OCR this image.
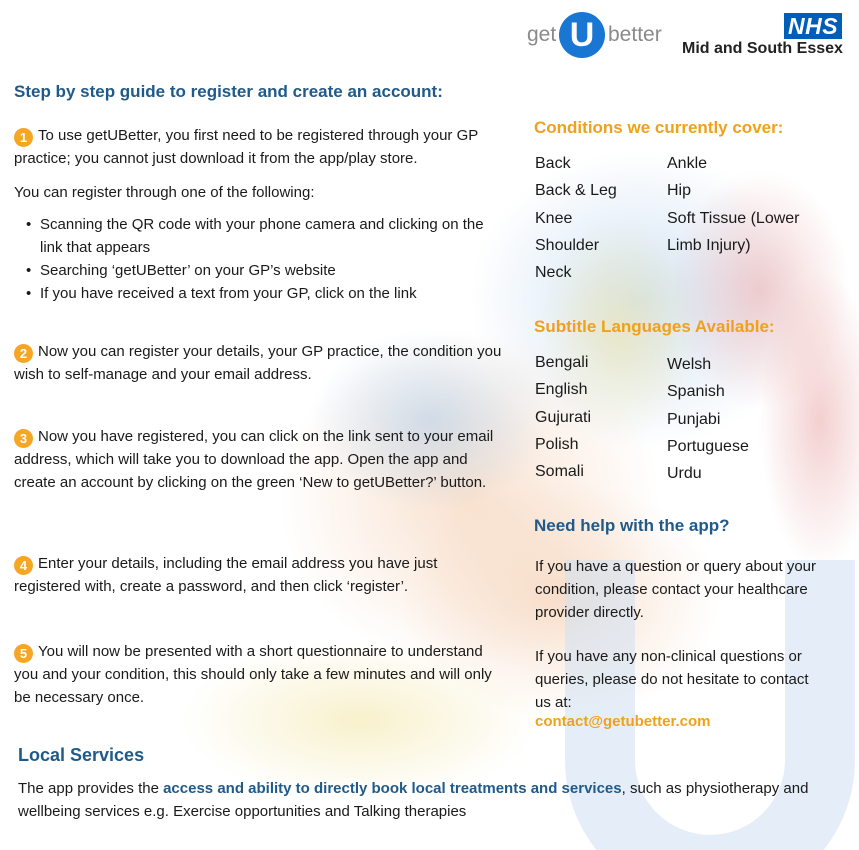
get U better	NHS
Mid and South Essex
Step by step guide to register and create an account:
1 To use getUBetter, you first need to be registered through your GP practice; you cannot just download it from the app/play store.
You can register through one of the following:
• Scanning the QR code with your phone camera and clicking on the link that appears
• Searching ‘getUBetter’ on your GP’s website
• If you have received a text from your GP, click on the link
2 Now you can register your details, your GP practice, the condition you wish to self-manage and your email address.
3 Now you have registered, you can click on the link sent to your email address, which will take you to download the app. Open the app and create an account by clicking on the green ‘New to getUBetter?’ button.
4 Enter your details, including the email address you have just registered with, create a password, and then click ‘register’.
5 You will now be presented with a short questionnaire to understand you and your condition, this should only take a few minutes and will only be necessary once.
Local Services
The app provides the access and ability to directly book local treatments and services, such as physiotherapy and wellbeing services e.g. Exercise opportunities and Talking therapies
Conditions we currently cover:
Back
Back & Leg
Knee
Shoulder
Neck
Ankle
Hip
Soft Tissue (Lower
Limb Injury)
Subtitle Languages Available:
Bengali
English
Gujurati
Polish
Somali
Welsh
Spanish
Punjabi
Portuguese
Urdu
Need help with the app?
If you have a question or query about your condition, please contact your healthcare provider directly.
If you have any non-clinical questions or queries, please do not hesitate to contact us at:
contact@getubetter.com
